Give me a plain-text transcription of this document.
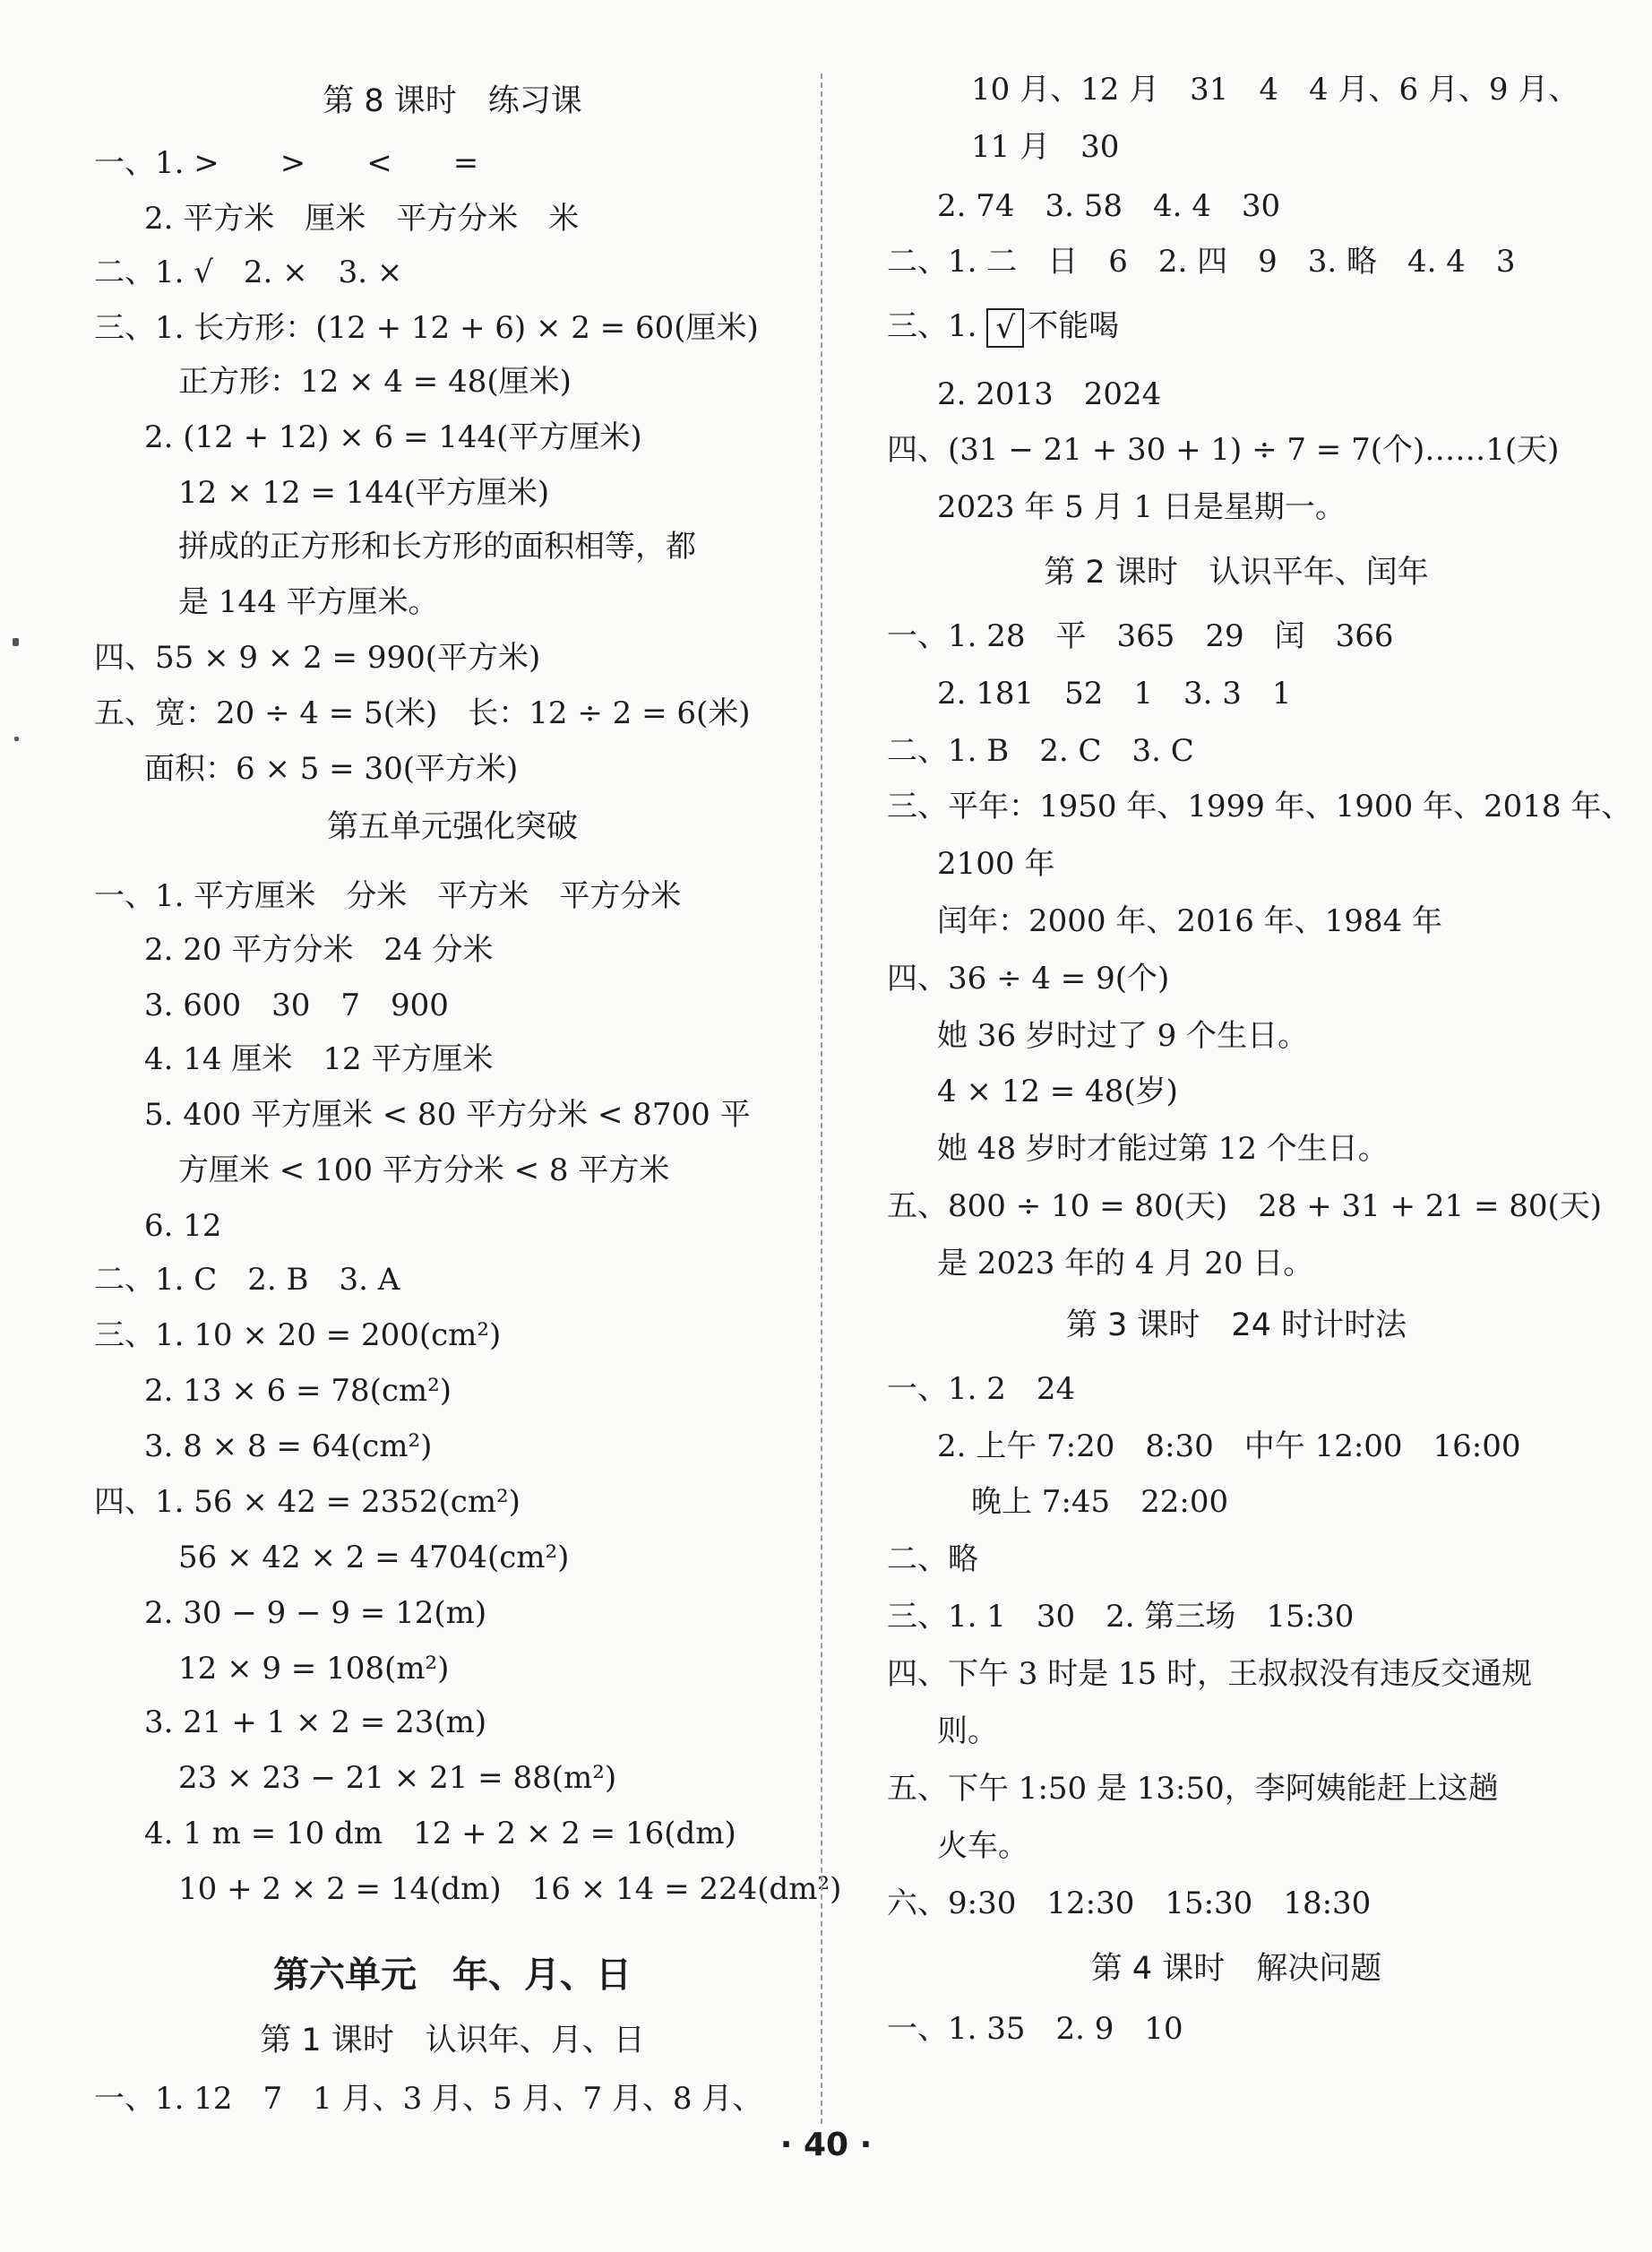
第 8 课时　练习课
一、1. >　　>　　<　　=
2. 平方米　厘米　平方分米　米
二、1. √　2. ×　3. ×
三、1. 长方形：(12 + 12 + 6) × 2 = 60(厘米)
正方形：12 × 4 = 48(厘米)
2. (12 + 12) × 6 = 144(平方厘米)
12 × 12 = 144(平方厘米)
拼成的正方形和长方形的面积相等，都
是 144 平方厘米。
四、55 × 9 × 2 = 990(平方米)
五、宽：20 ÷ 4 = 5(米)　长：12 ÷ 2 = 6(米)
面积：6 × 5 = 30(平方米)
第五单元强化突破
一、1. 平方厘米　分米　平方米　平方分米
2. 20 平方分米　24 分米
3. 600　30　7　900
4. 14 厘米　12 平方厘米
5. 400 平方厘米 < 80 平方分米 < 8700 平
方厘米 < 100 平方分米 < 8 平方米
6. 12
二、1. C　2. B　3. A
三、1. 10 × 20 = 200(cm²)
2. 13 × 6 = 78(cm²)
3. 8 × 8 = 64(cm²)
四、1. 56 × 42 = 2352(cm²)
56 × 42 × 2 = 4704(cm²)
2. 30 − 9 − 9 = 12(m)
12 × 9 = 108(m²)
3. 21 + 1 × 2 = 23(m)
23 × 23 − 21 × 21 = 88(m²)
4. 1 m = 10 dm　12 + 2 × 2 = 16(dm)
10 + 2 × 2 = 14(dm)　16 × 14 = 224(dm²)
第六单元　年、月、日
第 1 课时　认识年、月、日
一、1. 12　7　1 月、3 月、5 月、7 月、8 月、
10 月、12 月　31　4　4 月、6 月、9 月、
11 月　30
2. 74　3. 58　4. 4　30
二、1. 二　日　6　2. 四　9　3. 略　4. 4　3
三、1. √ 不能喝
2. 2013　2024
四、(31 − 21 + 30 + 1) ÷ 7 = 7(个)……1(天)
2023 年 5 月 1 日是星期一。
第 2 课时　认识平年、闰年
一、1. 28　平　365　29　闰　366
2. 181　52　1　3. 3　1
二、1. B　2. C　3. C
三、平年：1950 年、1999 年、1900 年、2018 年、
2100 年
闰年：2000 年、2016 年、1984 年
四、36 ÷ 4 = 9(个)
她 36 岁时过了 9 个生日。
4 × 12 = 48(岁)
她 48 岁时才能过第 12 个生日。
五、800 ÷ 10 = 80(天)　28 + 31 + 21 = 80(天)
是 2023 年的 4 月 20 日。
第 3 课时　24 时计时法
一、1. 2　24
2. 上午 7:20　8:30　中午 12:00　16:00
晚上 7:45　22:00
二、略
三、1. 1　30　2. 第三场　15:30
四、下午 3 时是 15 时，王叔叔没有违反交通规
则。
五、下午 1:50 是 13:50，李阿姨能赶上这趟
火车。
六、9:30　12:30　15:30　18:30
第 4 课时　解决问题
一、1. 35　2. 9　10
· 40 ·
